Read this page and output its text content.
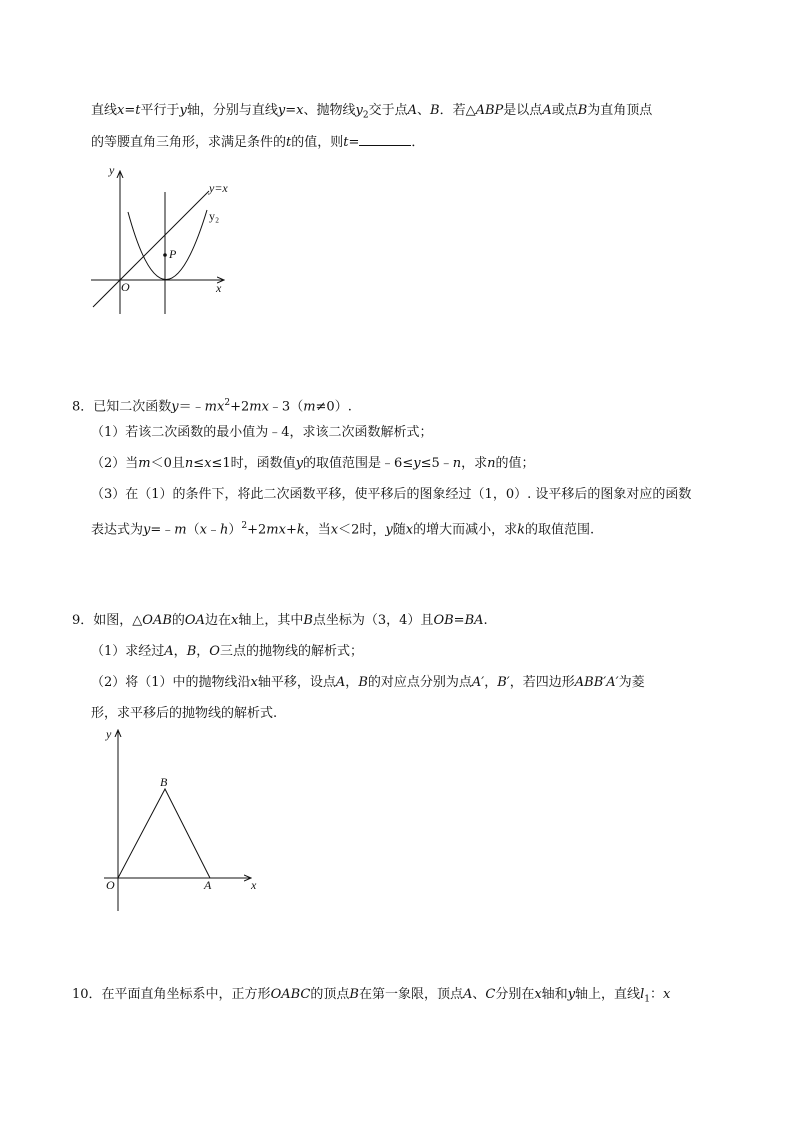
直线x=t平行于y轴，分别与直线y=x、抛物线$y_2$交于点A、B．若△ABP是以点A或点B为直角顶点
的等腰直角三角形，求满足条件的t的值，则t=	．
y
x
O
y=x
y₂
P
8．已知二次函数$y=﹣mx^2+2mx﹣3(m\ne 0)$.
（1）若该二次函数的最小值为﹣4，求该二次函数解析式；
（2）当m＜0且n≤x≤1时，函数值y的取值范围是﹣6≤y≤5﹣n，求n的值；
（3）在（1）的条件下，将此二次函数平移，使平移后的图象经过（1，0）. 设平移后的图象对应的函数
表达式为y=﹣m（x﹣h）$^2$+2mx+k，当x＜2时，y随x的增大而减小，求k的取值范围.
9．如图，△OAB的OA边在x轴上，其中B点坐标为（3，4）且OB=BA.
（1）求经过A，B，O三点的抛物线的解析式；
（2）将（1）中的抛物线沿x轴平移，设点A，B的对应点分别为点A′，B′，若四边形ABB′A′为菱
形，求平移后的抛物线的解析式.
y
x
O	A
B
10．在平面直角坐标系中，正方形OABC的顶点B在第一象限，顶点A、C分别在x轴和y轴上，直线$l_1$：x
